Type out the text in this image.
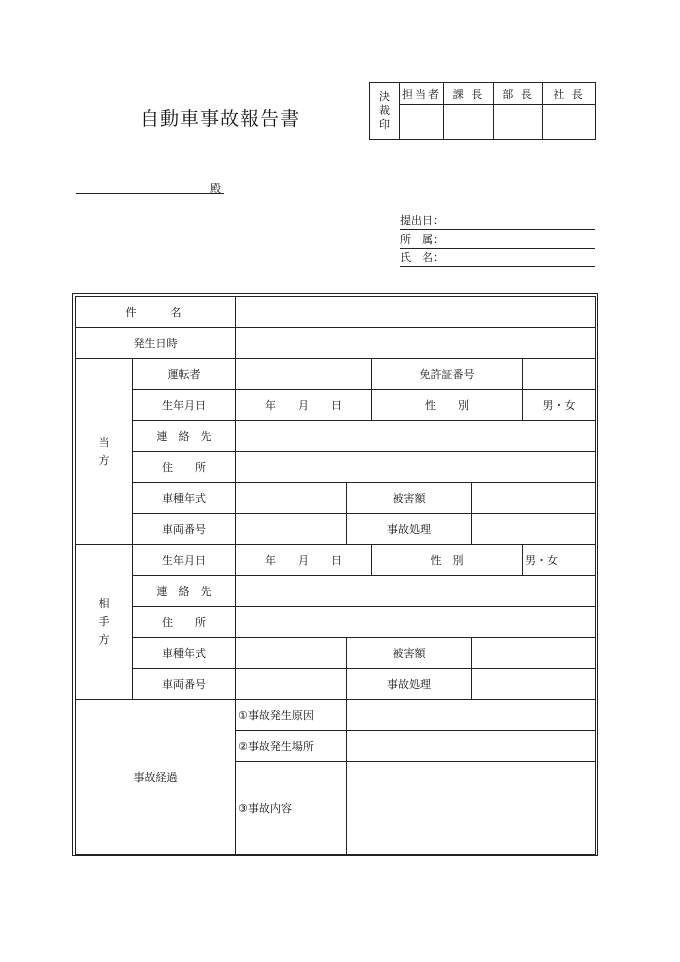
自動車事故報告書
決
裁
印	担当者	課 長	部 長	社 長

殿
提出日：
所　属：
氏　名：
件　　名						
発生日時						
当
方	運転者			免許証番号		
	生年月日	年　　月　　日		性　　別		男・女
	連　絡　先					
	住　　所					
	車種年式		被害額			
	車両番号		事故処理			
相
手
方	生年月日	年　　月　　日		性　別		男・女
	連　絡　先					
	住　　所					
	車種年式		被害額			
	車両番号		事故処理			
事故経過		①事故発生原因				
		②事故発生場所				
		③事故内容				
